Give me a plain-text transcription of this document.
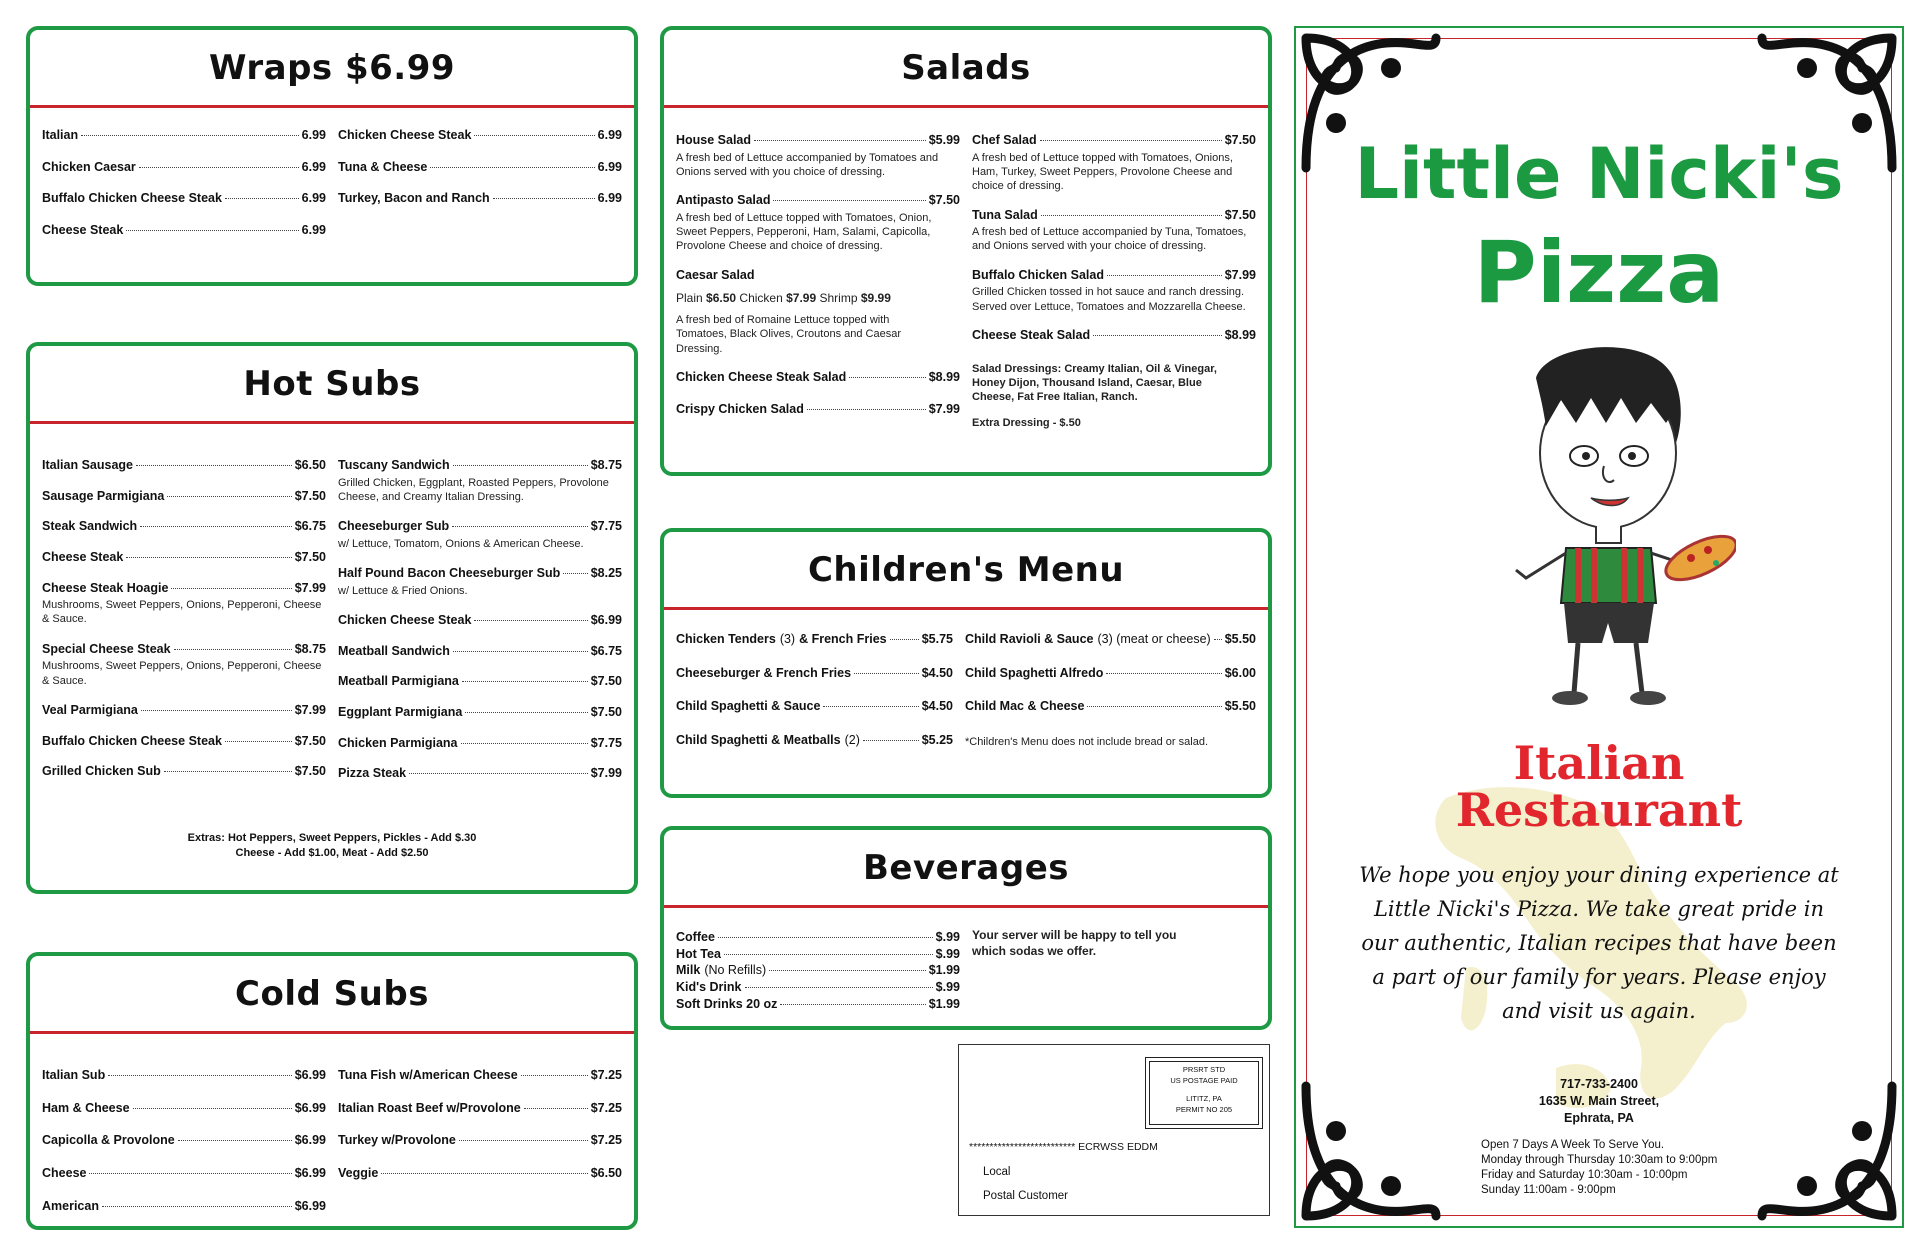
Wraps $6.99
Italian	6.99
Chicken Caesar	6.99
Buffalo Chicken Cheese Steak	6.99
Cheese Steak	6.99
Chicken Cheese Steak	6.99
Tuna & Cheese	6.99
Turkey, Bacon and Ranch	6.99
Hot Subs
Italian Sausage	$6.50
Sausage Parmigiana	$7.50
Steak Sandwich	$6.75
Cheese Steak	$7.50
Cheese Steak Hoagie	$7.99
Mushrooms, Sweet Peppers, Onions, Pepperoni, Cheese & Sauce.
Special Cheese Steak	$8.75
Mushrooms, Sweet Peppers, Onions, Pepperoni, Cheese & Sauce.
Veal Parmigiana	$7.99
Buffalo Chicken Cheese Steak	$7.50
Grilled Chicken Sub	$7.50
Tuscany Sandwich	$8.75
Grilled Chicken, Eggplant, Roasted Peppers, Provolone Cheese, and Creamy Italian Dressing.
Cheeseburger Sub	$7.75
w/ Lettuce, Tomatom, Onions & American Cheese.
Half Pound Bacon Cheeseburger Sub $8.25
w/ Lettuce & Fried Onions.
Chicken Cheese Steak	$6.99
Meatball Sandwich	$6.75
Meatball Parmigiana	$7.50
Eggplant Parmigiana	$7.50
Chicken Parmigiana	$7.75
Pizza Steak	$7.99
Extras: Hot Peppers, Sweet Peppers, Pickles - Add $.30
Cheese - Add $1.00, Meat - Add $2.50
Cold Subs
Italian Sub	$6.99
Ham & Cheese	$6.99
Capicolla & Provolone	$6.99
Cheese	$6.99
American	$6.99
Tuna Fish w/American Cheese	$7.25
Italian Roast Beef w/Provolone	$7.25
Turkey w/Provolone	$7.25
Veggie	$6.50
Salads
House Salad	$5.99
A fresh bed of Lettuce accompanied by Tomatoes and Onions served with you choice of dressing.
Antipasto Salad	$7.50
A fresh bed of Lettuce topped with Tomatoes, Onion, Sweet Peppers, Pepperoni, Ham, Salami, Capicolla, Provolone Cheese and choice of dressing.
Caesar Salad
Plain $6.50 Chicken $7.99 Shrimp $9.99
A fresh bed of Romaine Lettuce topped with Tomatoes, Black Olives, Croutons and Caesar Dressing.
Chicken Cheese Steak Salad	$8.99
Crispy Chicken Salad	$7.99
Chef Salad	$7.50
A fresh bed of Lettuce topped with Tomatoes, Onions, Ham, Turkey, Sweet Peppers, Provolone Cheese and choice of dressing.
Tuna Salad	$7.50
A fresh bed of Lettuce accompanied by Tuna, Tomatoes, and Onions served with your choice of dressing.
Buffalo Chicken Salad	$7.99
Grilled Chicken tossed in hot sauce and ranch dressing. Served over Lettuce, Tomatoes and Mozzarella Cheese.
Cheese Steak Salad	$8.99
Salad Dressings: Creamy Italian, Oil & Vinegar, Honey Dijon, Thousand Island, Caesar, Blue Cheese, Fat Free Italian, Ranch.
Extra Dressing - $.50
Children's Menu
Chicken Tenders (3) & French Fries	$5.75
Cheeseburger & French Fries	$4.50
Child Spaghetti & Sauce	$4.50
Child Spaghetti & Meatballs (2)	$5.25
Child Ravioli & Sauce (3) (meat or cheese) $5.50
Child Spaghetti Alfredo	$6.00
Child Mac & Cheese	$5.50
*Children's Menu does not include bread or salad.
Beverages
Coffee	$.99
Hot Tea	$.99
Milk (No Refills)	$1.99
Kid's Drink	$.99
Soft Drinks 20 oz	$1.99
Your server will be happy to tell you which sodas we offer.
PRSRT STD
US POSTAGE PAID
LITITZ, PA
PERMIT NO 205
************************** ECRWSS EDDM
Local
Postal Customer
Little Nicki's
Pizza
Italian
Restaurant
We hope you enjoy your dining experience at Little Nicki's Pizza. We take great pride in our authentic, Italian recipes that have been a part of our family for years. Please enjoy and visit us again.
717-733-2400
1635 W. Main Street,
Ephrata, PA
Open 7 Days A Week To Serve You.
Monday through Thursday 10:30am to 9:00pm
Friday and Saturday 10:30am - 10:00pm
Sunday 11:00am - 9:00pm
